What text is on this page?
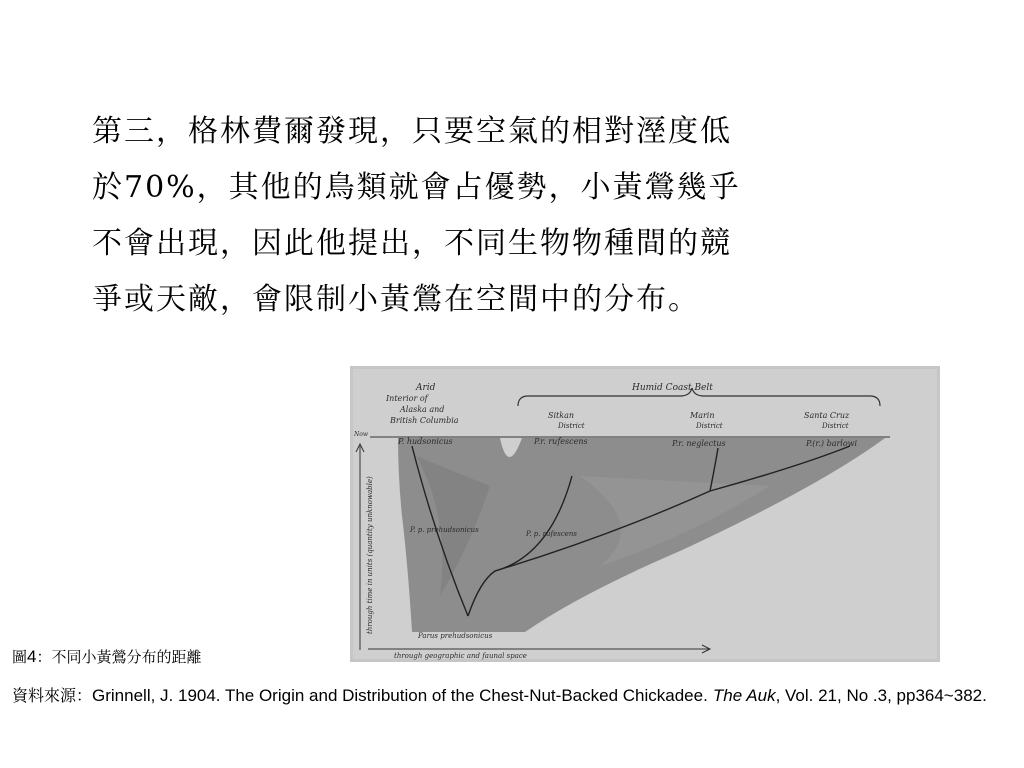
第三，格林費爾發現，只要空氣的相對溼度低
於70%，其他的鳥類就會占優勢，小黃鶯幾乎
不會出現，因此他提出，不同生物物種間的競
爭或天敵，會限制小黃鶯在空間中的分布。
Arid
Interior of
Alaska and
British Columbia
Humid Coast Belt
Sitkan
District
Marin
District
Santa Cruz
District
Now
P. hudsonicus	P.r. rufescens	P.r. neglectus	P.(r.) barlowi
P. p. prehudsonicus	P. p. rufescens
Parus prehudsonicus
through time in units (quantity unknowable)
through geographic and faunal space
圖4：不同小黃鶯分布的距離
資料來源：Grinnell, J. 1904. The Origin and Distribution of the Chest-Nut-Backed Chickadee. The Auk, Vol. 21, No .3, pp364~382.
